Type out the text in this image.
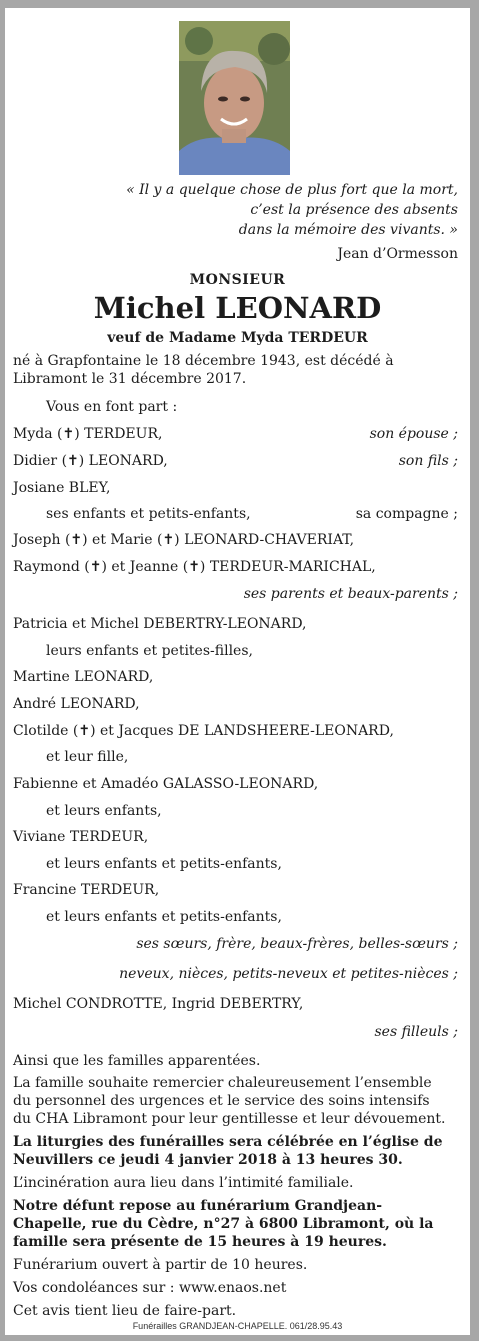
« Il y a quelque chose de plus fort que la mort,
c’est la présence des absents
dans la mémoire des vivants. »
Jean d’Ormesson
MONSIEUR
Michel LEONARD
veuf de Madame Myda TERDEUR
né à Grapfontaine le 18 décembre 1943, est décédé à
Libramont le 31 décembre 2017.
Vous en font part :
Myda (✝) TERDEUR,	son épouse ;
Didier (✝) LEONARD,	son fils ;
Josiane BLEY,
ses enfants et petits-enfants,	sa compagne ;
Joseph (✝) et Marie (✝) LEONARD-CHAVERIAT,
Raymond (✝) et Jeanne (✝) TERDEUR-MARICHAL,
ses parents et beaux-parents ;
Patricia et Michel DEBERTRY-LEONARD,
leurs enfants et petites-filles,
Martine LEONARD,
André LEONARD,
Clotilde (✝) et Jacques DE LANDSHEERE-LEONARD,
et leur fille,
Fabienne et Amadéo GALASSO-LEONARD,
et leurs enfants,
Viviane TERDEUR,
et leurs enfants et petits-enfants,
Francine TERDEUR,
et leurs enfants et petits-enfants,
ses sœurs, frère, beaux-frères, belles-sœurs ;
neveux, nièces, petits-neveux et petites-nièces ;
Michel CONDROTTE, Ingrid DEBERTRY,
ses filleuls ;
Ainsi que les familles apparentées.
La famille souhaite remercier chaleureusement l’ensemble
du personnel des urgences et le service des soins intensifs
du CHA Libramont pour leur gentillesse et leur dévouement.
La liturgies des funérailles sera célébrée en l’église de
Neuvillers ce jeudi 4 janvier 2018 à 13 heures 30.
L’incinération aura lieu dans l’intimité familiale.
Notre défunt repose au funérarium Grandjean-
Chapelle, rue du Cèdre, n°27 à 6800 Libramont, où la
famille sera présente de 15 heures à 19 heures.
Funérarium ouvert à partir de 10 heures.
Vos condoléances sur : www.enaos.net
Cet avis tient lieu de faire-part.
Funérailles GRANDJEAN-CHAPELLE. 061/28.95.43
